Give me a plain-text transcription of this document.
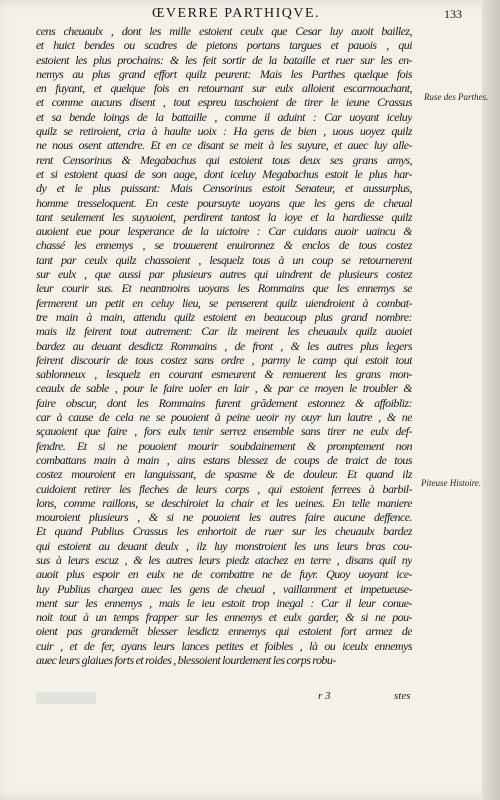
ŒVERRE PARTHIQVE.	133
cens cheuaulx , dont les mille estoient ceulx que Cesar luy auoit baillez,
et huict bendes ou scadres de pietons portans targues et pauois , qui
estoient les plus prochains: & les feit sortir de la bataille et ruer sur les en-
nemys au plus grand effort quilz peurent: Mais les Parthes quelque fois
en fuyant, et quelque fois en retournant sur eulx alloient escarmouchant,
et comme aucuns disent , tout espreu taschoient de tirer le ieune Crassus
et sa bende loings de la battaille , comme il aduint : Car uoyant iceluy
quilz se retiroient, cria à haulte uoix : Ha gens de bien , uous uoyez quilz
ne nous osent attendre. Et en ce disant se meit à les suyure, et auec luy alle-
rent Censorinus & Megabachus qui estoient tous deux ses grans amys,
et si estoient quasi de son aage, dont iceluy Megabachus estoit le plus har-
dy et le plus puissant: Mais Censorinus estoit Senateur, et aussurplus,
homme tresseloquent. En ceste poursuyte uoyans que les gens de cheual
tant seulement les suyuoient, perdirent tantost la ioye et la hardiesse quilz
auoient eue pour lesperance de la uictoire : Car cuidans auoir uaincu &
chassé les ennemys , se trouuerent enuironnez & enclos de tous costez
tant par ceulx quilz chassoient , lesquelz tous à un coup se retournerent
sur eulx , que aussi par plusieurs autres qui uindrent de plusieurs costez
leur courir sus. Et neantmoins uoyans les Rommains que les ennemys se
fermerent un petit en celuy lieu, se penserent quilz uiendroient à combat-
tre main à main, attendu quilz estoient en beaucoup plus grand nombre:
mais ilz feirent tout autrement: Car ilz meirent les cheuaulx quilz auoiet
bardez au deuant desdictz Rommains , de front , & les autres plus legers
feirent discourir de tous costez sans ordre , parmy le camp qui estoit tout
sablonneux , lesquelz en courant esmeurent & remuerent les grans mon-
ceaulx de sable , pour le faire uoler en lair , & par ce moyen le troubler &
faire obscur, dont les Rommains furent grādement estonnez & affoibliz:
car à cause de cela ne se pouoient à peine ueoir ny ouyr lun lautre , & ne
sçauoient que faire , fors eulx tenir serrez ensemble sans tirer ne eulx def-
fendre. Et si ne pouoient mourir soubdainement & promptement non
combattans main à main , ains estans blessez de coups de traict de tous
costez mouroient en languissant, de spasme & de douleur. Et quand ilz
cuidoient retirer les fleches de leurs corps , qui estoient ferrees à barbil-
lons, comme raillons, se deschiroiet la chair et les ueines. En telle maniere
mouroient plusieurs , & si ne pouoient les autres faire aucune deffence.
Et quand Publius Crassus les enhortoit de ruer sur les cheuaulx bardez
qui estoient au deuant deulx , ilz luy monstroient les uns leurs bras cou-
sus à leurs escuz , & les autres leurs piedz atachez en terre , disans quil ny
auoit plus espoir en eulx ne de combattre ne de fuyr. Quoy uoyant ice-
luy Publius chargea auec les gens de cheual , vaillamment et impetueuse-
ment sur les ennemys , mais le ieu estoit trop inegal : Car il leur conue-
noit tout à un temps frapper sur les ennemys et eulx garder, & si ne pou-
oient pas grandemēt blesser lesdictz ennemys qui estoient fort armez de
cuir , et de fer, ayans leurs lances petites et foibles , là ou iceulx ennemys
auec leurs glaiues forts et roides , blessoient lourdement les corps robu-
Ruse des Parthes.
Piteuse Histoire.
r 3	stes
